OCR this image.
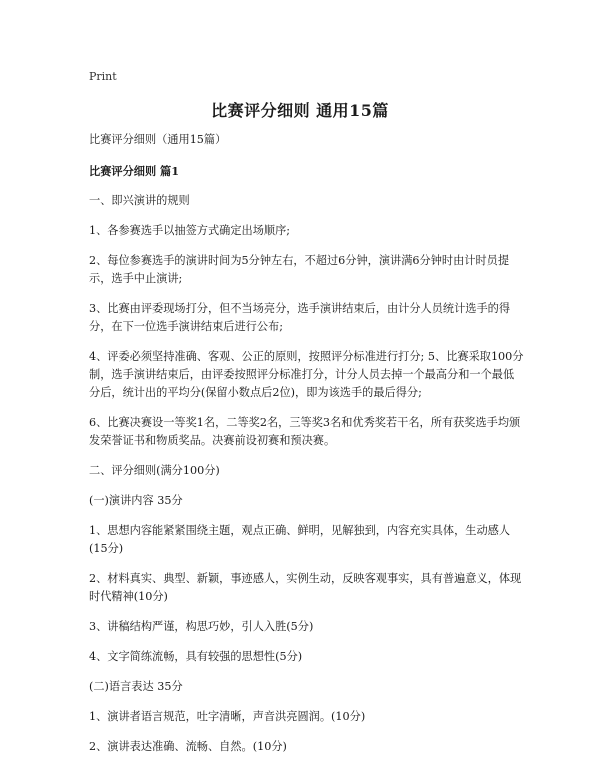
Print
比赛评分细则 通用15篇

比赛评分细则（通用15篇）

比赛评分细则 篇1

一、即兴演讲的规则

1、各参赛选手以抽签方式确定出场顺序;

2、每位参赛选手的演讲时间为5分钟左右，不超过6分钟，演讲满6分钟时由计时员提示，选手中止演讲;

3、比赛由评委现场打分，但不当场亮分，选手演讲结束后，由计分人员统计选手的得分，在下一位选手演讲结束后进行公布;

4、评委必须坚持准确、客观、公正的原则，按照评分标准进行打分; 5、比赛采取100分制，选手演讲结束后，由评委按照评分标准打分，计分人员去掉一个最高分和一个最低分后，统计出的平均分(保留小数点后2位)，即为该选手的最后得分;

6、比赛决赛设一等奖1名，二等奖2名，三等奖3名和优秀奖若干名，所有获奖选手均颁发荣誉证书和物质奖品。决赛前设初赛和预决赛。

二、评分细则(满分100分)

(一)演讲内容 35分

1、思想内容能紧紧围绕主题，观点正确、鲜明，见解独到，内容充实具体，生动感人(15分)

2、材料真实、典型、新颖，事迹感人，实例生动，反映客观事实，具有普遍意义，体现时代精神(10分)

3、讲稿结构严谨，构思巧妙，引人入胜(5分)

4、文字简练流畅，具有较强的思想性(5分)

(二)语言表达 35分

1、演讲者语言规范，吐字清晰，声音洪亮圆润。(10分)

2、演讲表达准确、流畅、自然。(10分)
